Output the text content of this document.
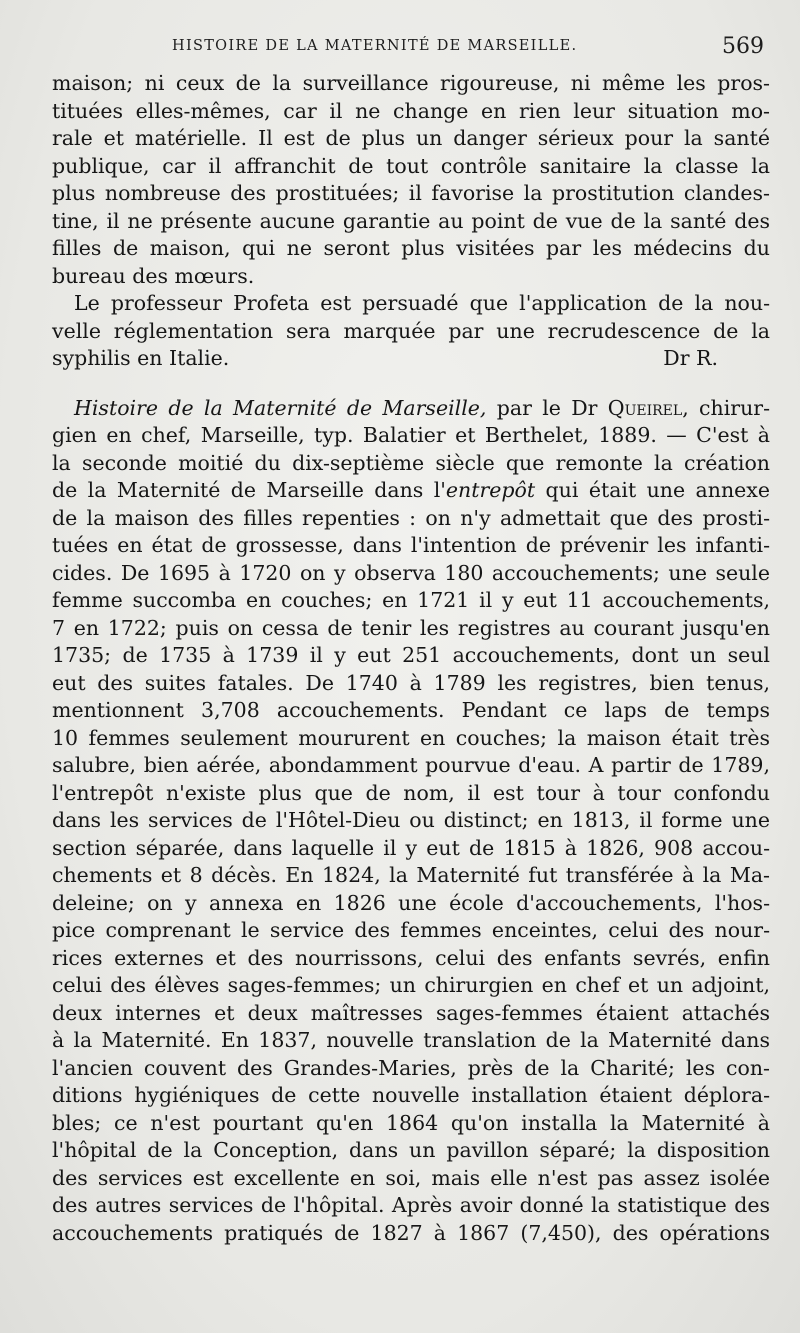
HISTOIRE DE LA MATERNITÉ DE MARSEILLE.	569
maison; ni ceux de la surveillance rigoureuse, ni même les pros-
tituées elles-mêmes, car il ne change en rien leur situation mo-
rale et matérielle. Il est de plus un danger sérieux pour la santé
publique, car il affranchit de tout contrôle sanitaire la classe la
plus nombreuse des prostituées; il favorise la prostitution clandes-
tine, il ne présente aucune garantie au point de vue de la santé des
filles de maison, qui ne seront plus visitées par les médecins du
bureau des mœurs.
Le professeur Profeta est persuadé que l'application de la nou-
velle réglementation sera marquée par une recrudescence de la
syphilis en Italie.	Dr R.
Histoire de la Maternité de Marseille, par le Dr Queirel, chirur-
gien en chef, Marseille, typ. Balatier et Berthelet, 1889. — C'est à
la seconde moitié du dix-septième siècle que remonte la création
de la Maternité de Marseille dans l'entrepôt qui était une annexe
de la maison des filles repenties : on n'y admettait que des prosti-
tuées en état de grossesse, dans l'intention de prévenir les infanti-
cides. De 1695 à 1720 on y observa 180 accouchements; une seule
femme succomba en couches; en 1721 il y eut 11 accouchements,
7 en 1722; puis on cessa de tenir les registres au courant jusqu'en
1735; de 1735 à 1739 il y eut 251 accouchements, dont un seul
eut des suites fatales. De 1740 à 1789 les registres, bien tenus,
mentionnent 3,708 accouchements. Pendant ce laps de temps
10 femmes seulement moururent en couches; la maison était très
salubre, bien aérée, abondamment pourvue d'eau. A partir de 1789,
l'entrepôt n'existe plus que de nom, il est tour à tour confondu
dans les services de l'Hôtel-Dieu ou distinct; en 1813, il forme une
section séparée, dans laquelle il y eut de 1815 à 1826, 908 accou-
chements et 8 décès. En 1824, la Maternité fut transférée à la Ma-
deleine; on y annexa en 1826 une école d'accouchements, l'hos-
pice comprenant le service des femmes enceintes, celui des nour-
rices externes et des nourrissons, celui des enfants sevrés, enfin
celui des élèves sages-femmes; un chirurgien en chef et un adjoint,
deux internes et deux maîtresses sages-femmes étaient attachés
à la Maternité. En 1837, nouvelle translation de la Maternité dans
l'ancien couvent des Grandes-Maries, près de la Charité; les con-
ditions hygiéniques de cette nouvelle installation étaient déplora-
bles; ce n'est pourtant qu'en 1864 qu'on installa la Maternité à
l'hôpital de la Conception, dans un pavillon séparé; la disposition
des services est excellente en soi, mais elle n'est pas assez isolée
des autres services de l'hôpital. Après avoir donné la statistique des
accouchements pratiqués de 1827 à 1867 (7,450), des opérations
